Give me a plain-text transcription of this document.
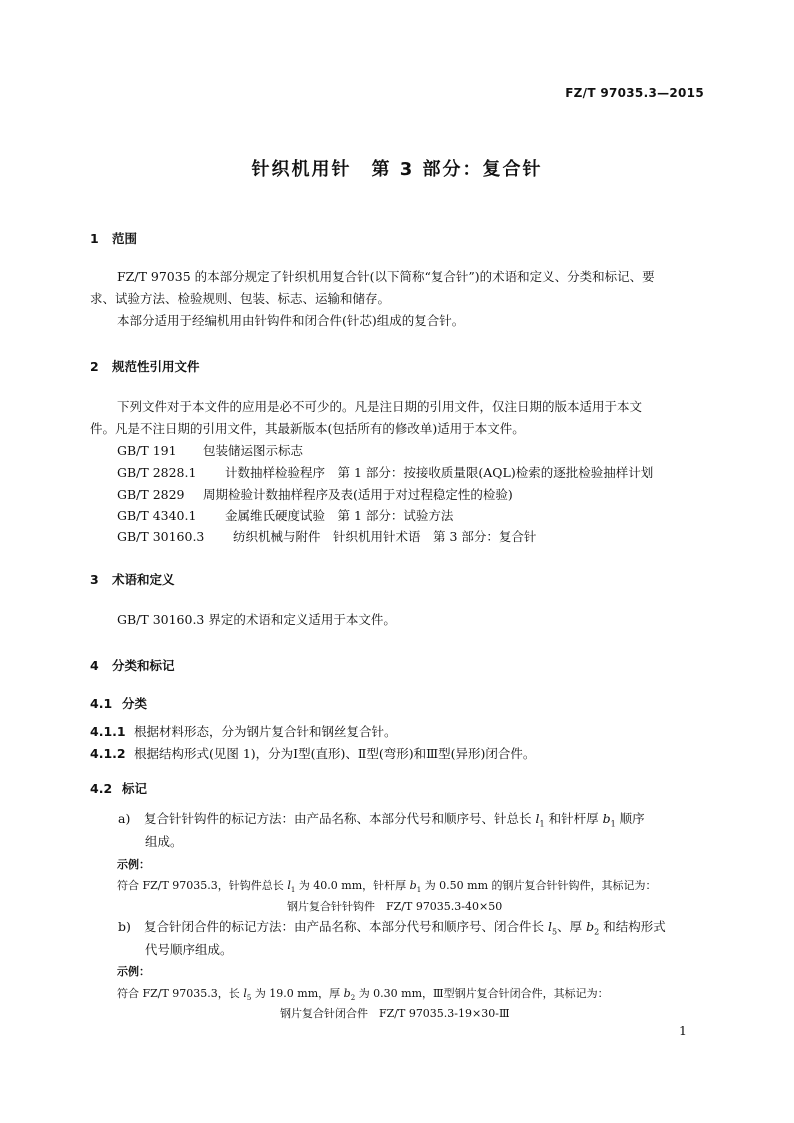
FZ/T 97035.3—2015
针织机用针　第 3 部分：复合针
1 范围
FZ/T 97035 的本部分规定了针织机用复合针(以下简称“复合针”)的术语和定义、分类和标记、要
求、试验方法、检验规则、包装、标志、运输和储存。
本部分适用于经编机用由针钩件和闭合件(针芯)组成的复合针。
2 规范性引用文件
下列文件对于本文件的应用是必不可少的。凡是注日期的引用文件，仅注日期的版本适用于本文
件。凡是不注日期的引用文件，其最新版本(包括所有的修改单)适用于本文件。
GB/T 191 包装储运图示标志
GB/T 2828.1 计数抽样检验程序　第 1 部分：按接收质量限(AQL)检索的逐批检验抽样计划
GB/T 2829 周期检验计数抽样程序及表(适用于对过程稳定性的检验)
GB/T 4340.1 金属维氏硬度试验　第 1 部分：试验方法
GB/T 30160.3 纺织机械与附件　针织机用针术语　第 3 部分：复合针
3 术语和定义
GB/T 30160.3 界定的术语和定义适用于本文件。
4 分类和标记
4.1 分类
4.1.1 根据材料形态，分为钢片复合针和钢丝复合针。
4.1.2 根据结构形式(见图 1)，分为Ⅰ型(直形)、Ⅱ型(弯形)和Ⅲ型(异形)闭合件。
4.2 标记
a) 复合针针钩件的标记方法：由产品名称、本部分代号和顺序号、针总长 $l_1$ 和针杆厚 $b_1$ 顺序
组成。
示例：
符合 FZ/T 97035.3，针钩件总长 $l_1$ 为 40.0 mm，针杆厚 $b_1$ 为 0.50 mm 的钢片复合针针钩件，其标记为：
钢片复合针针钩件　FZ/T 97035.3-40×50
b) 复合针闭合件的标记方法：由产品名称、本部分代号和顺序号、闭合件长 $l_5$、厚 $b_2$ 和结构形式
代号顺序组成。
示例：
符合 FZ/T 97035.3，长 $l_5$ 为 19.0 mm，厚 $b_2$ 为 0.30 mm，Ⅲ型钢片复合针闭合件，其标记为：
钢片复合针闭合件　FZ/T 97035.3-19×30-Ⅲ
1
